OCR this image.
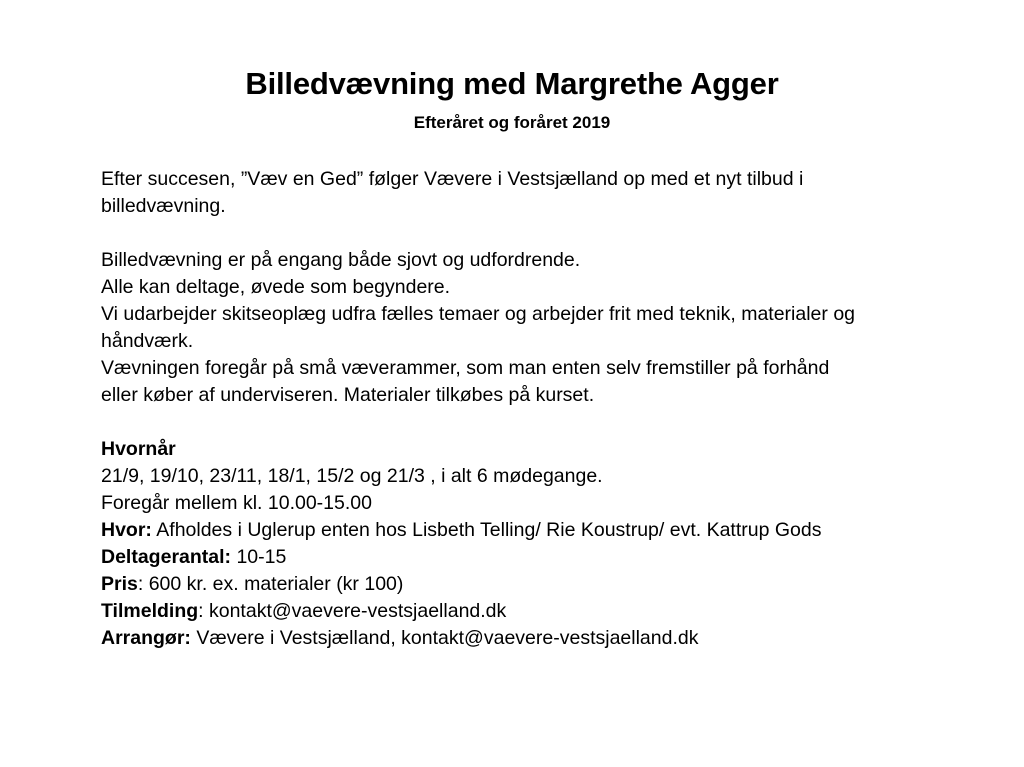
Billedvævning med Margrethe Agger
Efteråret og foråret 2019

Efter succesen, ”Væv en Ged” følger Vævere i Vestsjælland op med et nyt tilbud i

billedvævning.

Billedvævning er på engang både sjovt og udfordrende.

Alle kan deltage, øvede som begyndere.

Vi udarbejder skitseoplæg udfra fælles temaer og arbejder frit med teknik, materialer og

håndværk.

Vævningen foregår på små væverammer, som man enten selv fremstiller på forhånd

eller køber af underviseren. Materialer tilkøbes på kurset.

Hvornår

21/9, 19/10, 23/11, 18/1, 15/2 og 21/3 , i alt 6 mødegange.

Foregår mellem kl. 10.00-15.00

Hvor: Afholdes i Uglerup enten hos Lisbeth Telling/ Rie Koustrup/ evt. Kattrup Gods

Deltagerantal: 10-15

Pris: 600 kr. ex. materialer (kr 100)

Tilmelding: kontakt@vaevere-vestsjaelland.dk

Arrangør: Vævere i Vestsjælland, kontakt@vaevere-vestsjaelland.dk
